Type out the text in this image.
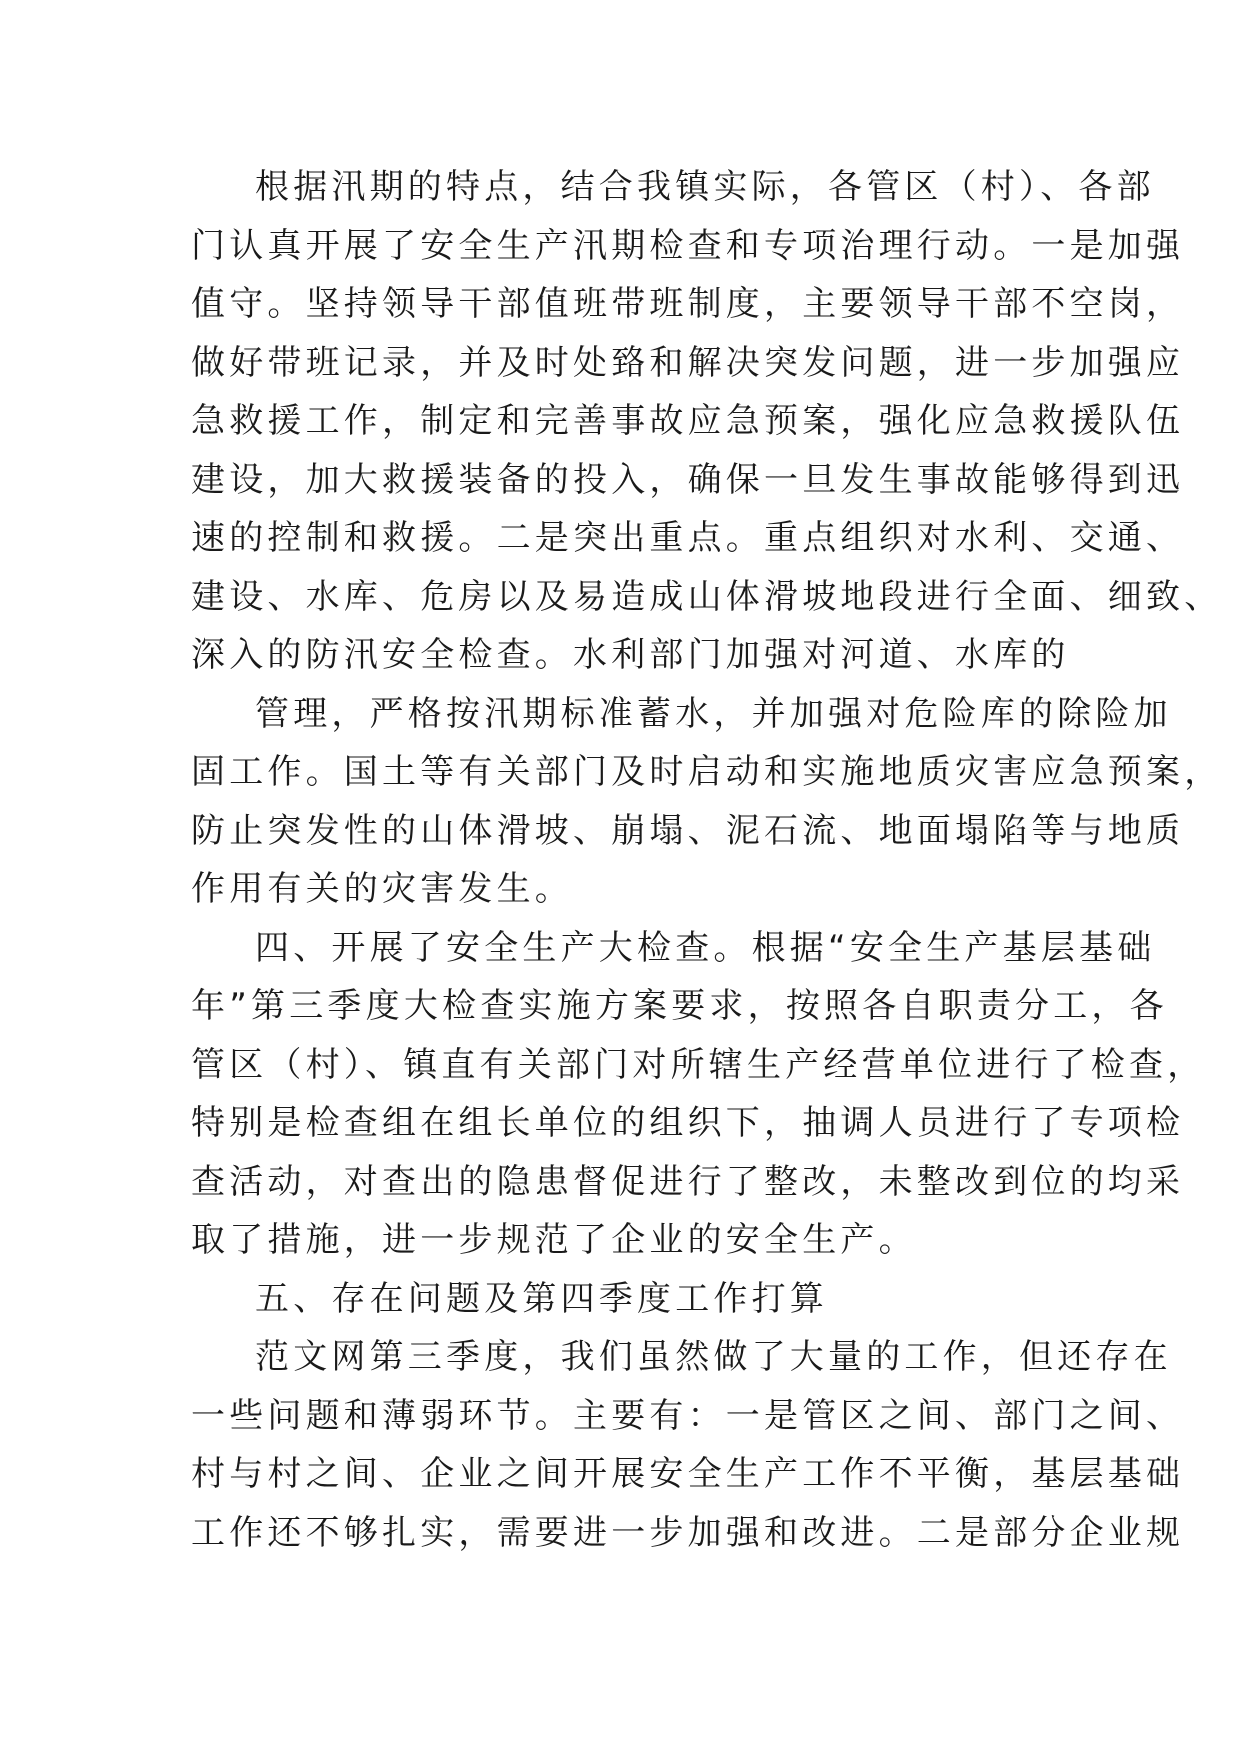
根据汛期的特点，结合我镇实际，各管区（村）、各部
门认真开展了安全生产汛期检查和专项治理行动。一是加强
值守。坚持领导干部值班带班制度，主要领导干部不空岗，
做好带班记录，并及时处臵和解决突发问题，进一步加强应
急救援工作，制定和完善事故应急预案，强化应急救援队伍
建设，加大救援装备的投入，确保一旦发生事故能够得到迅
速的控制和救援。二是突出重点。重点组织对水利、交通、
建设、水库、危房以及易造成山体滑坡地段进行全面、细致、
深入的防汛安全检查。水利部门加强对河道、水库的
管理，严格按汛期标准蓄水，并加强对危险库的除险加
固工作。国土等有关部门及时启动和实施地质灾害应急预案，
防止突发性的山体滑坡、崩塌、泥石流、地面塌陷等与地质
作用有关的灾害发生。
四、开展了安全生产大检查。根据“安全生产基层基础
年”第三季度大检查实施方案要求，按照各自职责分工，各
管区（村）、镇直有关部门对所辖生产经营单位进行了检查，
特别是检查组在组长单位的组织下，抽调人员进行了专项检
查活动，对查出的隐患督促进行了整改，未整改到位的均采
取了措施，进一步规范了企业的安全生产。
五、存在问题及第四季度工作打算
范文网第三季度，我们虽然做了大量的工作，但还存在
一些问题和薄弱环节。主要有：一是管区之间、部门之间、
村与村之间、企业之间开展安全生产工作不平衡，基层基础
工作还不够扎实，需要进一步加强和改进。二是部分企业规
